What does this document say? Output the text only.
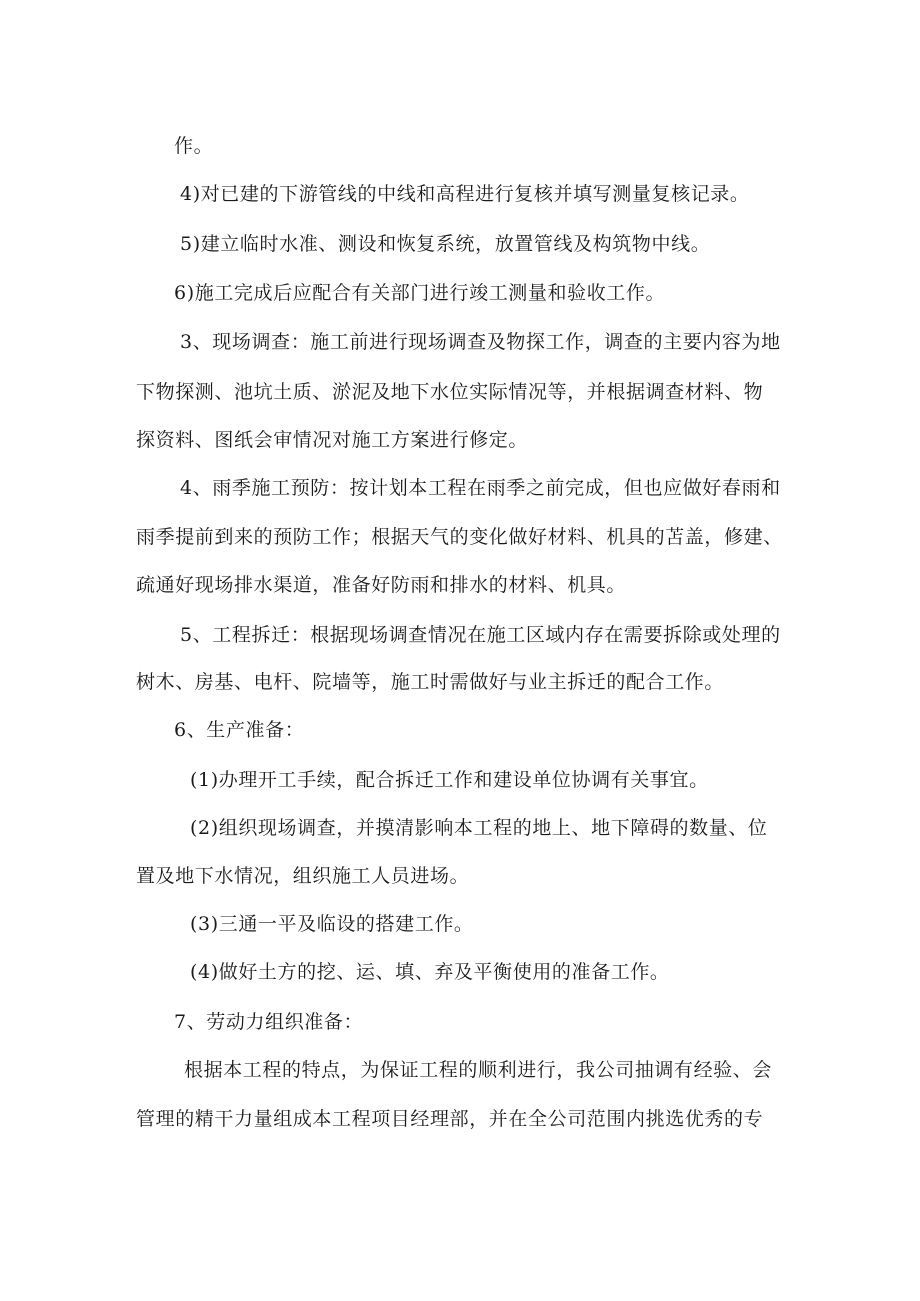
作。
4)对已建的下游管线的中线和高程进行复核并填写测量复核记录。
5)建立临时水准、测设和恢复系统，放置管线及构筑物中线。
6)施工完成后应配合有关部门进行竣工测量和验收工作。
3、现场调查：施工前进行现场调查及物探工作，调查的主要内容为地
下物探测、池坑土质、淤泥及地下水位实际情况等，并根据调查材料、物
探资料、图纸会审情况对施工方案进行修定。
4、雨季施工预防：按计划本工程在雨季之前完成，但也应做好春雨和
雨季提前到来的预防工作；根据天气的变化做好材料、机具的苫盖，修建、
疏通好现场排水渠道，准备好防雨和排水的材料、机具。
5、工程拆迁：根据现场调查情况在施工区域内存在需要拆除或处理的
树木、房基、电杆、院墙等，施工时需做好与业主拆迁的配合工作。
6、生产准备：
(1)办理开工手续，配合拆迁工作和建设单位协调有关事宜。
(2)组织现场调查，并摸清影响本工程的地上、地下障碍的数量、位
置及地下水情况，组织施工人员进场。
(3)三通一平及临设的搭建工作。
(4)做好土方的挖、运、填、弃及平衡使用的准备工作。
7、劳动力组织准备：
根据本工程的特点，为保证工程的顺利进行，我公司抽调有经验、会
管理的精干力量组成本工程项目经理部，并在全公司范围内挑选优秀的专
